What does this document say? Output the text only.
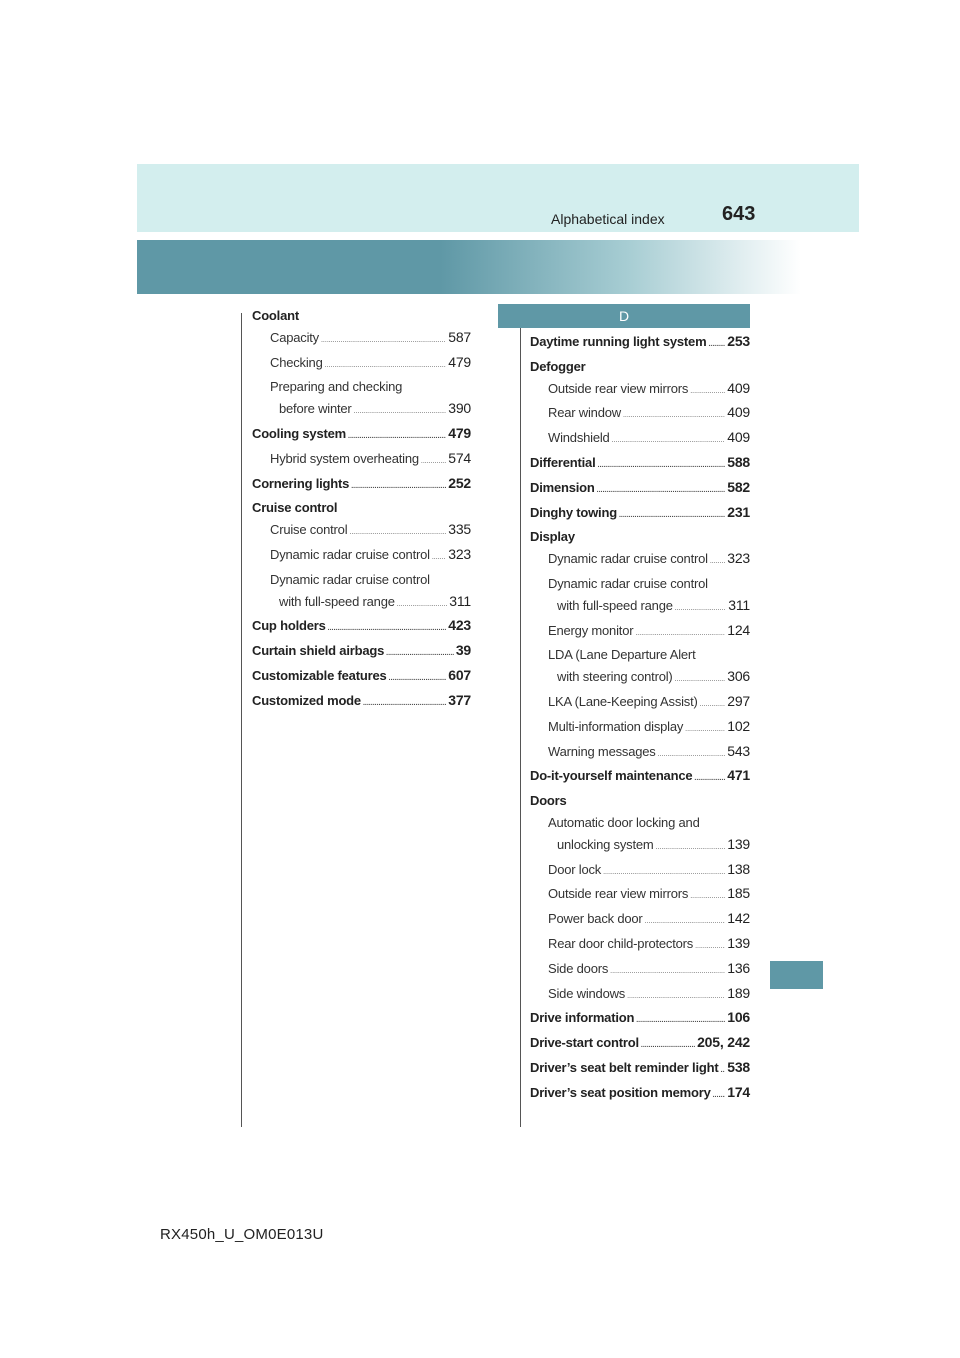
Alphabetical index	643
Coolant
Capacity .....	587
Checking .....	479
Preparing and checking
before winter .....	390
Cooling system .....	479
Hybrid system overheating ..... 574
Cornering lights .....	252
Cruise control
Cruise control .....	335
Dynamic radar cruise control ..... 323
Dynamic radar cruise control
with full-speed range .....	311
Cup holders .....	423
Curtain shield airbags .....	39
Customizable features .....	607
Customized mode .....	377
D
Daytime running light system ..... 253
Defogger
Outside rear view mirrors .....	409
Rear window .....	409
Windshield .....	409
Differential .....	588
Dimension .....	582
Dinghy towing .....	231
Display
Dynamic radar cruise control ..... 323
Dynamic radar cruise control
with full-speed range .....	311
Energy monitor .....	124
LDA (Lane Departure Alert
with steering control) .....	306
LKA (Lane-Keeping Assist) ..... 297
Multi-information display .....	102
Warning messages .....	543
Do-it-yourself maintenance ..... 471
Doors
Automatic door locking and
unlocking system .....	139
Door lock .....	138
Outside rear view mirrors .....	185
Power back door .....	142
Rear door child-protectors ..... 139
Side doors .....	136
Side windows .....	189
Drive information .....	106
Drive-start control .....	205, 242
Driver’s seat belt reminder light ..... 538
Driver’s seat position memory ..... 174
RX450h_U_OM0E013U
